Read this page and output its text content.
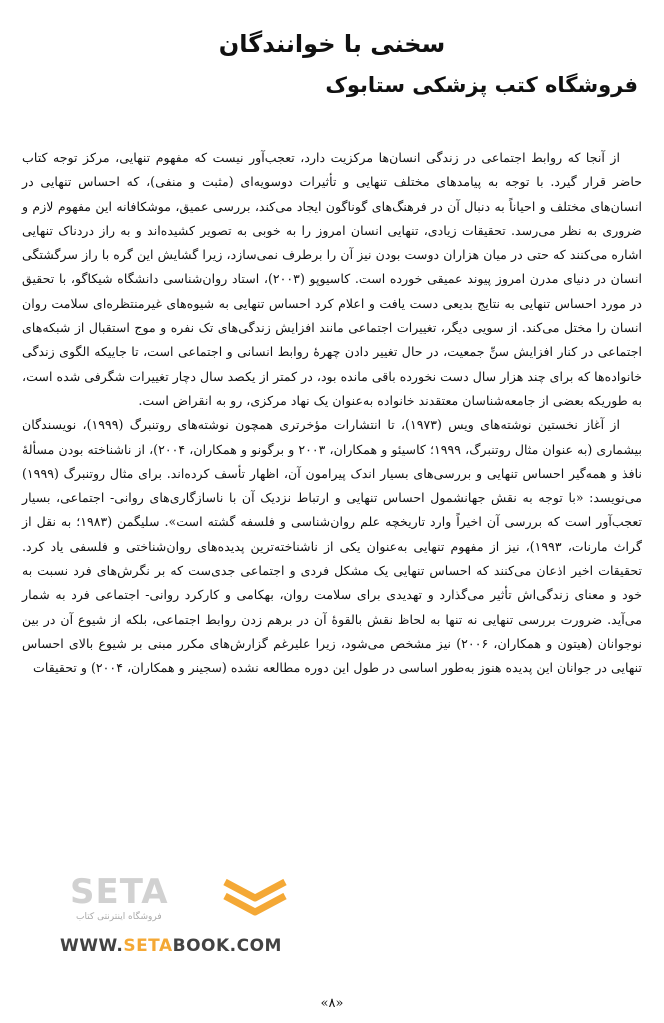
سخنی با خوانندگان
فروشگاه کتب پزشکی ستابوک

از آنجا که روابط اجتماعی در زندگی انسان‌ها مرکزیت دارد، تعجب‌آور نیست که مفهوم تنهایی، مرکز توجه کتاب حاضر قرار گیرد. با توجه به پیامدهای مختلف تنهایی و تأثیرات دوسویه‌ای (مثبت و منفی)، که احساس تنهایی در انسان‌های مختلف و احیاناً به دنبال آن در فرهنگ‌های گوناگون ایجاد می‌کند، بررسی عمیق، موشکافانه این مفهوم لازم و ضروری به نظر می‌رسد. تحقیقات زیادی، تنهایی انسان امروز را به خوبی به تصویر کشیده‌اند و به راز دردناک تنهایی اشاره می‌کنند که حتی در میان هزاران دوست بودن نیز آن را برطرف نمی‌سازد، زیرا گشایش این گره با راز سرگشتگی انسان در دنیای مدرن امروز پیوند عمیقی خورده است. کاسیوپو (۲۰۰۳)، استاد روان‌شناسی دانشگاه شیکاگو، با تحقیق در مورد احساس تنهایی به نتایج بدیعی دست یافت و اعلام کرد احساس تنهایی به شیوه‌های غیرمنتظره‌ای سلامت روان انسان را مختل می‌کند. از سویی دیگر، تغییرات اجتماعی مانند افزایش زندگی‌های تک نفره و موج استقبال از شبکه‌های اجتماعی در کنار افزایش سنِّ جمعیت، در حال تغییر دادن چهرهٔ روابط انسانی و اجتماعی است، تا جاییکه الگوی زندگی خانواده‌ها که برای چند هزار سال دست نخورده باقی مانده بود، در کمتر از یکصد سال دچار تغییرات شگرفی شده است، به طوریکه بعضی از جامعه‌شناسان معتقدند خانواده به‌عنوان یک نهاد مرکزی، رو به انقراض است.

از آغاز نخستین نوشته‌های ویس (۱۹۷۳)، تا انتشارات مؤخرتری همچون نوشته‌های روتنبرگ (۱۹۹۹)، نویسندگان بیشماری (به عنوان مثال روتنبرگ، ۱۹۹۹؛ کاسیئو و همکاران، ۲۰۰۳ و برگونو و همکاران، ۲۰۰۴)، از ناشناخته بودن مسألهٔ نافذ و همه‌گیر احساس تنهایی و بررسی‌های بسیار اندک پیرامون آن، اظهار تأسف کرده‌اند. برای مثال روتنبرگ (۱۹۹۹) می‌نویسد: «با توجه به نقش جهانشمول احساس تنهایی و ارتباط نزدیک آن با ناسازگاری‌های روانی- اجتماعی، بسیار تعجب‌آور است که بررسی آن اخیراً وارد تاریخچه علم روان‌شناسی و فلسفه گشته است». سلیگمن (۱۹۸۳؛ به نقل از گراث مارنات، ۱۹۹۳)، نیز از مفهوم تنهایی به‌عنوان یکی از ناشناخته‌ترین پدیده‌های روان‌شناختی و فلسفی یاد کرد. تحقیقات اخیر اذعان می‌کنند که احساس تنهایی یک مشکل فردی و اجتماعی جدی‌ست که بر نگرش‌های فرد نسبت به خود و معنای زندگی‌اش تأثیر می‌گذارد و تهدیدی برای سلامت روان، بهکامی و کارکرد روانی- اجتماعی فرد به شمار می‌آید. ضرورت بررسی تنهایی نه تنها به لحاظ نقش بالقوهٔ آن در برهم زدن روابط اجتماعی، بلکه از شیوع آن در بین نوجوانان (هیتون و همکاران، ۲۰۰۶) نیز مشخص می‌شود، زیرا علیرغم گزارش‌های مکرر مبنی بر شیوع بالای احساس تنهایی در جوانان این پدیده هنوز به‌طور اساسی در طول این دوره مطالعه نشده (سجینر و همکاران، ۲۰۰۴) و تحقیقات

SETA
فروشگاه اینترنتی کتاب
WWW.SETABOOK.COM
«۸»
